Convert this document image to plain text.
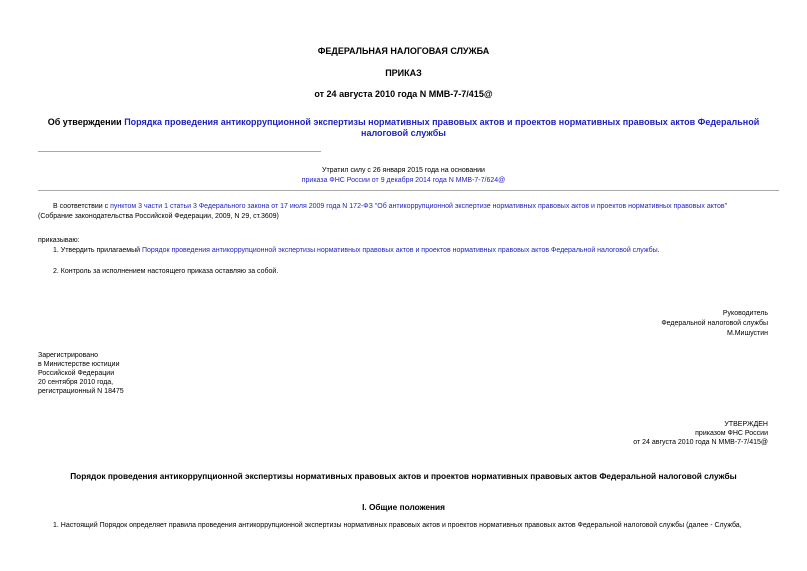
ФЕДЕРАЛЬНАЯ НАЛОГОВАЯ СЛУЖБА
ПРИКАЗ
от 24 августа 2010 года N ММВ-7-7/415@
Об утверждении Порядка проведения антикоррупционной экспертизы нормативных правовых актов и проектов нормативных правовых актов Федеральной
налоговой службы
Утратил силу с 26 января 2015 года на основании
приказа ФНС России от 9 декабря 2014 года N ММВ-7-7/624@
В соответствии с пунктом 3 части 1 статьи 3 Федерального закона от 17 июля 2009 года N 172-ФЗ "Об антикоррупционной экспертизе нормативных правовых актов и проектов нормативных правовых актов"
(Собрание законодательства Российской Федерации, 2009, N 29, ст.3609)
приказываю:
1. Утвердить прилагаемый Порядок проведения антикоррупционной экспертизы нормативных правовых актов и проектов нормативных правовых актов Федеральной налоговой службы.
2. Контроль за исполнением настоящего приказа оставляю за собой.
Руководитель
Федеральной налоговой службы
М.Мишустин
Зарегистрировано
в Министерстве юстиции
Российской Федерации
20 сентября 2010 года,
регистрационный N 18475
УТВЕРЖДЕН
приказом ФНС России
от 24 августа 2010 года N ММВ-7-7/415@
Порядок проведения антикоррупционной экспертизы нормативных правовых актов и проектов нормативных правовых актов Федеральной налоговой службы
I. Общие положения
1. Настоящий Порядок определяет правила проведения антикоррупционной экспертизы нормативных правовых актов и проектов нормативных правовых актов Федеральной налоговой службы (далее - Служба,
